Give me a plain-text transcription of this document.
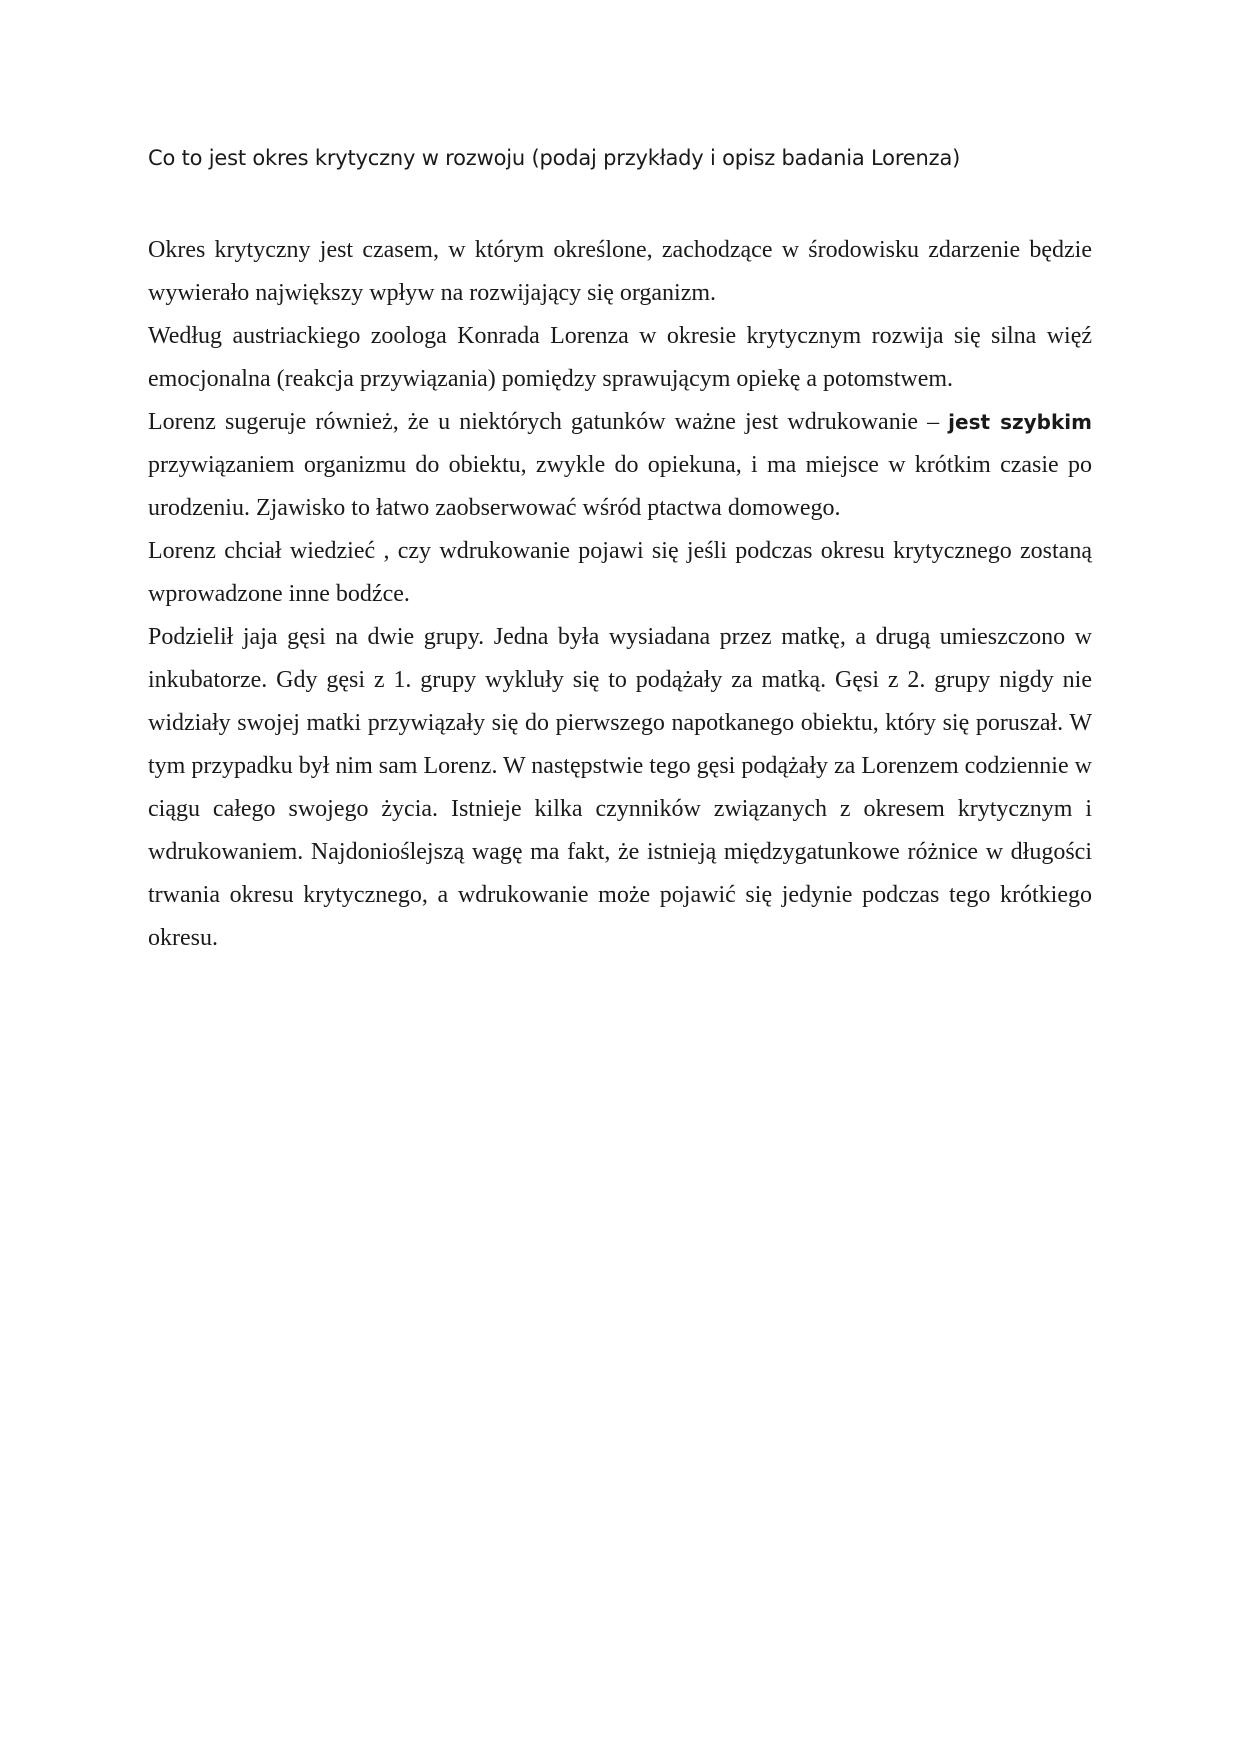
Co to jest okres krytyczny w rozwoju (podaj przykłady i opisz badania Lorenza)

Okres krytyczny jest czasem, w którym określone, zachodzące w środowisku zdarzenie będzie wywierało największy wpływ na rozwijający się organizm.

Według austriackiego zoologa Konrada Lorenza w okresie krytycznym rozwija się silna więź emocjonalna (reakcja przywiązania) pomiędzy sprawującym opiekę a potomstwem.

Lorenz sugeruje również, że u niektórych gatunków ważne jest wdrukowanie – jest szybkim przywiązaniem organizmu do obiektu, zwykle do opiekuna, i ma miejsce w krótkim czasie po urodzeniu. Zjawisko to łatwo zaobserwować wśród ptactwa domowego.

Lorenz chciał wiedzieć , czy wdrukowanie pojawi się jeśli podczas okresu krytycznego zostaną wprowadzone inne bodźce.

Podzielił jaja gęsi na dwie grupy. Jedna była wysiadana przez matkę, a drugą umieszczono w inkubatorze. Gdy gęsi z 1. grupy wykluły się to podążały za matką. Gęsi z 2. grupy nigdy nie widziały swojej matki przywiązały się do pierwszego napotkanego obiektu, który się poruszał. W tym przypadku był nim sam Lorenz. W następstwie tego gęsi podążały za Lorenzem codziennie w ciągu całego swojego życia. Istnieje kilka czynników związanych z okresem krytycznym i wdrukowaniem. Najdonioślejszą wagę ma fakt, że istnieją międzygatunkowe różnice w długości trwania okresu krytycznego, a wdrukowanie może pojawić się jedynie podczas tego krótkiego okresu.
